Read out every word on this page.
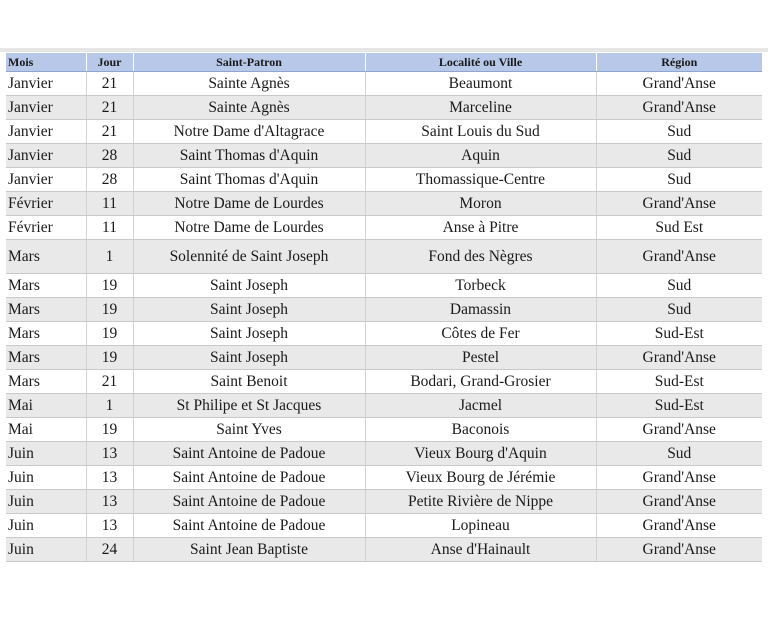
Mois	Jour	Saint-Patron	Localité ou Ville	Région
Janvier	21	Sainte Agnès	Beaumont	Grand'Anse
Janvier	21	Sainte Agnès	Marceline	Grand'Anse
Janvier	21	Notre Dame d'Altagrace	Saint Louis du Sud	Sud
Janvier	28	Saint Thomas d'Aquin	Aquin	Sud
Janvier	28	Saint Thomas d'Aquin	Thomassique-Centre	Sud
Février	11	Notre Dame de Lourdes	Moron	Grand'Anse
Février	11	Notre Dame de Lourdes	Anse à Pitre	Sud Est
Mars	1	Solennité de Saint Joseph	Fond des Nègres	Grand'Anse
Mars	19	Saint Joseph	Torbeck	Sud
Mars	19	Saint Joseph	Damassin	Sud
Mars	19	Saint Joseph	Côtes de Fer	Sud-Est
Mars	19	Saint Joseph	Pestel	Grand'Anse
Mars	21	Saint Benoit	Bodari, Grand-Grosier	Sud-Est
Mai	1	St Philipe et St Jacques	Jacmel	Sud-Est
Mai	19	Saint Yves	Baconois	Grand'Anse
Juin	13	Saint Antoine de Padoue	Vieux Bourg d'Aquin	Sud
Juin	13	Saint Antoine de Padoue	Vieux Bourg de Jérémie	Grand'Anse
Juin	13	Saint Antoine de Padoue	Petite Rivière de Nippe	Grand'Anse
Juin	13	Saint Antoine de Padoue	Lopineau	Grand'Anse
Juin	24	Saint Jean Baptiste	Anse d'Hainault	Grand'Anse
